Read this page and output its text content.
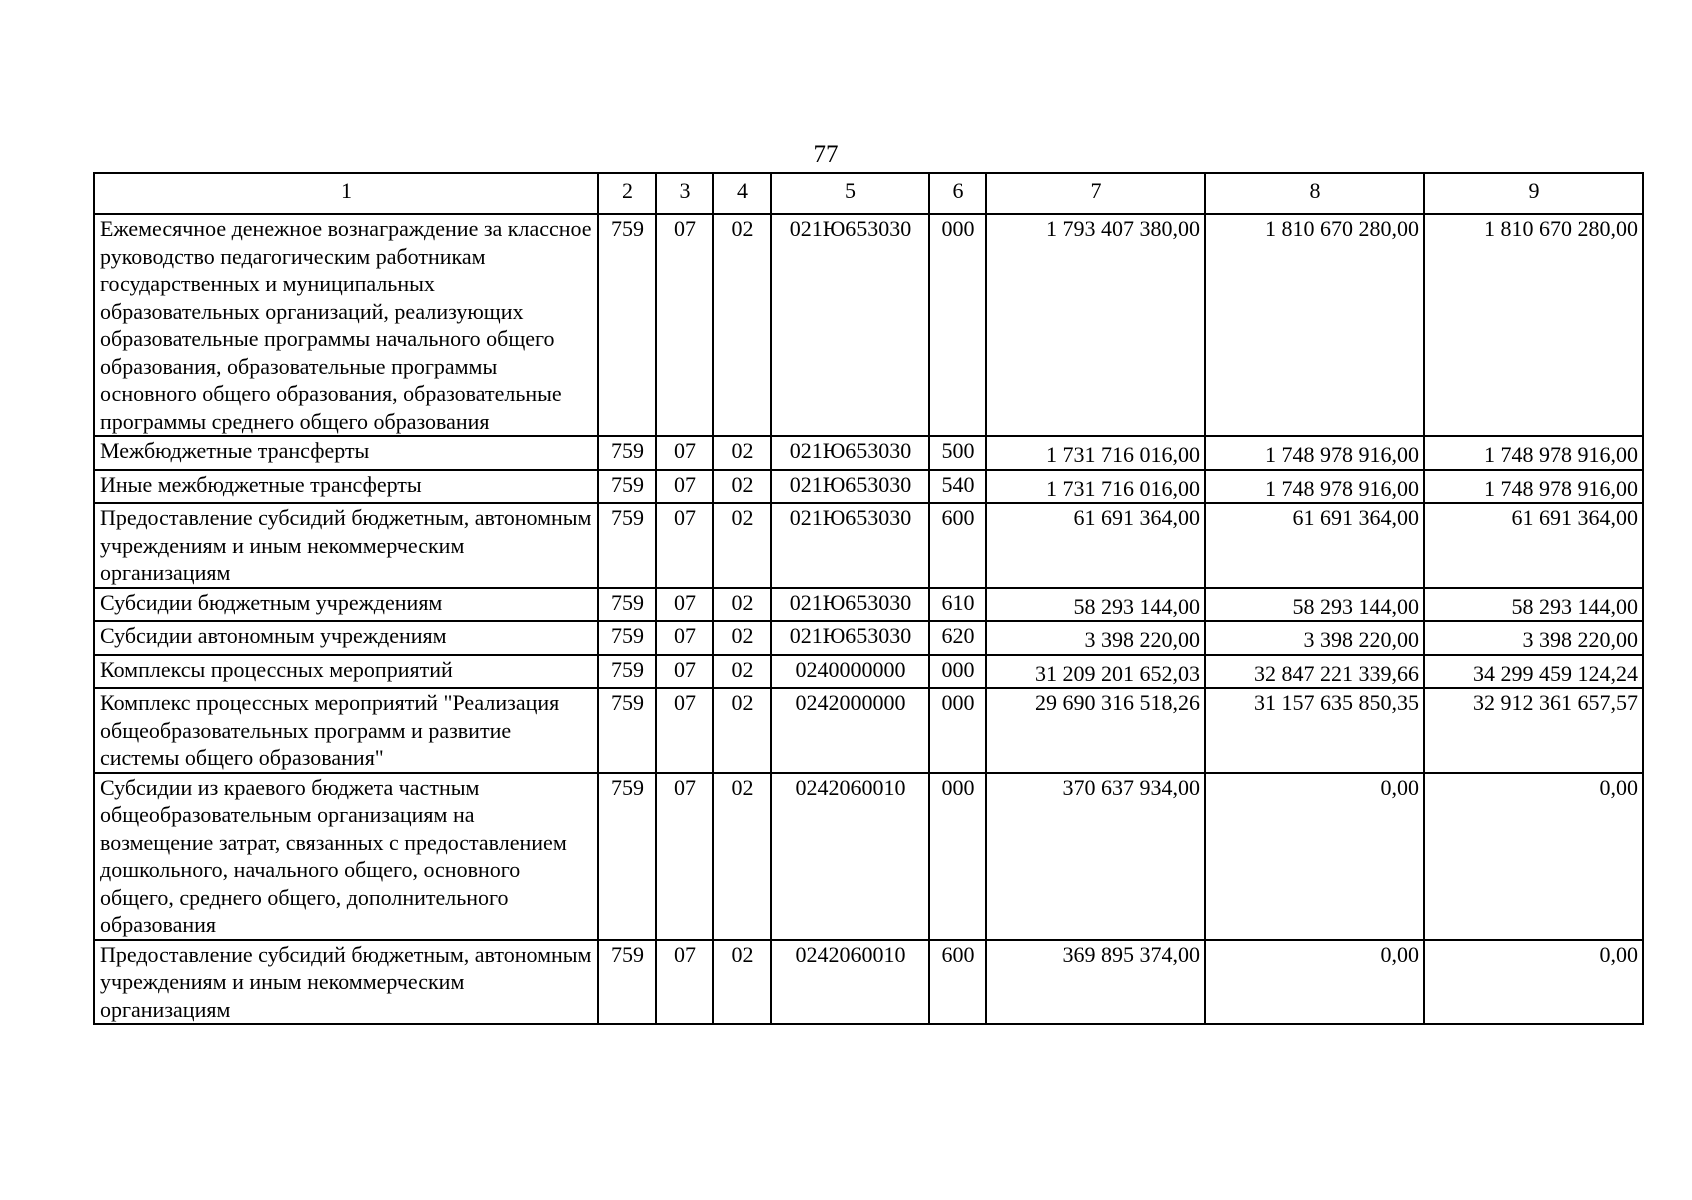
77
1	2	3	4	5	6	7	8	9
Ежемесячное денежное вознаграждение за классное руководство педагогическим работникам государственных и муниципальных образовательных организаций, реализующих образовательные программы начального общего образования, образовательные программы основного общего образования, образовательные программы среднего общего образования	759	07	02	021Ю653030	000	1 793 407 380,00	1 810 670 280,00	1 810 670 280,00
Межбюджетные трансферты	759	07	02	021Ю653030	500	1 731 716 016,00	1 748 978 916,00	1 748 978 916,00
Иные межбюджетные трансферты	759	07	02	021Ю653030	540	1 731 716 016,00	1 748 978 916,00	1 748 978 916,00
Предоставление субсидий бюджетным, автономным учреждениям и иным некоммерческим организациям	759	07	02	021Ю653030	600	61 691 364,00	61 691 364,00	61 691 364,00
Субсидии бюджетным учреждениям	759	07	02	021Ю653030	610	58 293 144,00	58 293 144,00	58 293 144,00
Субсидии автономным учреждениям	759	07	02	021Ю653030	620	3 398 220,00	3 398 220,00	3 398 220,00
Комплексы процессных мероприятий	759	07	02	0240000000	000	31 209 201 652,03	32 847 221 339,66	34 299 459 124,24
Комплекс процессных мероприятий "Реализация общеобразовательных программ и развитие системы общего образования"	759	07	02	0242000000	000	29 690 316 518,26	31 157 635 850,35	32 912 361 657,57
Субсидии из краевого бюджета частным общеобразовательным организациям на возмещение затрат, связанных с предоставлением дошкольного, начального общего, основного общего, среднего общего, дополнительного образования	759	07	02	0242060010	000	370 637 934,00	0,00	0,00
Предоставление субсидий бюджетным, автономным учреждениям и иным некоммерческим организациям	759	07	02	0242060010	600	369 895 374,00	0,00	0,00
